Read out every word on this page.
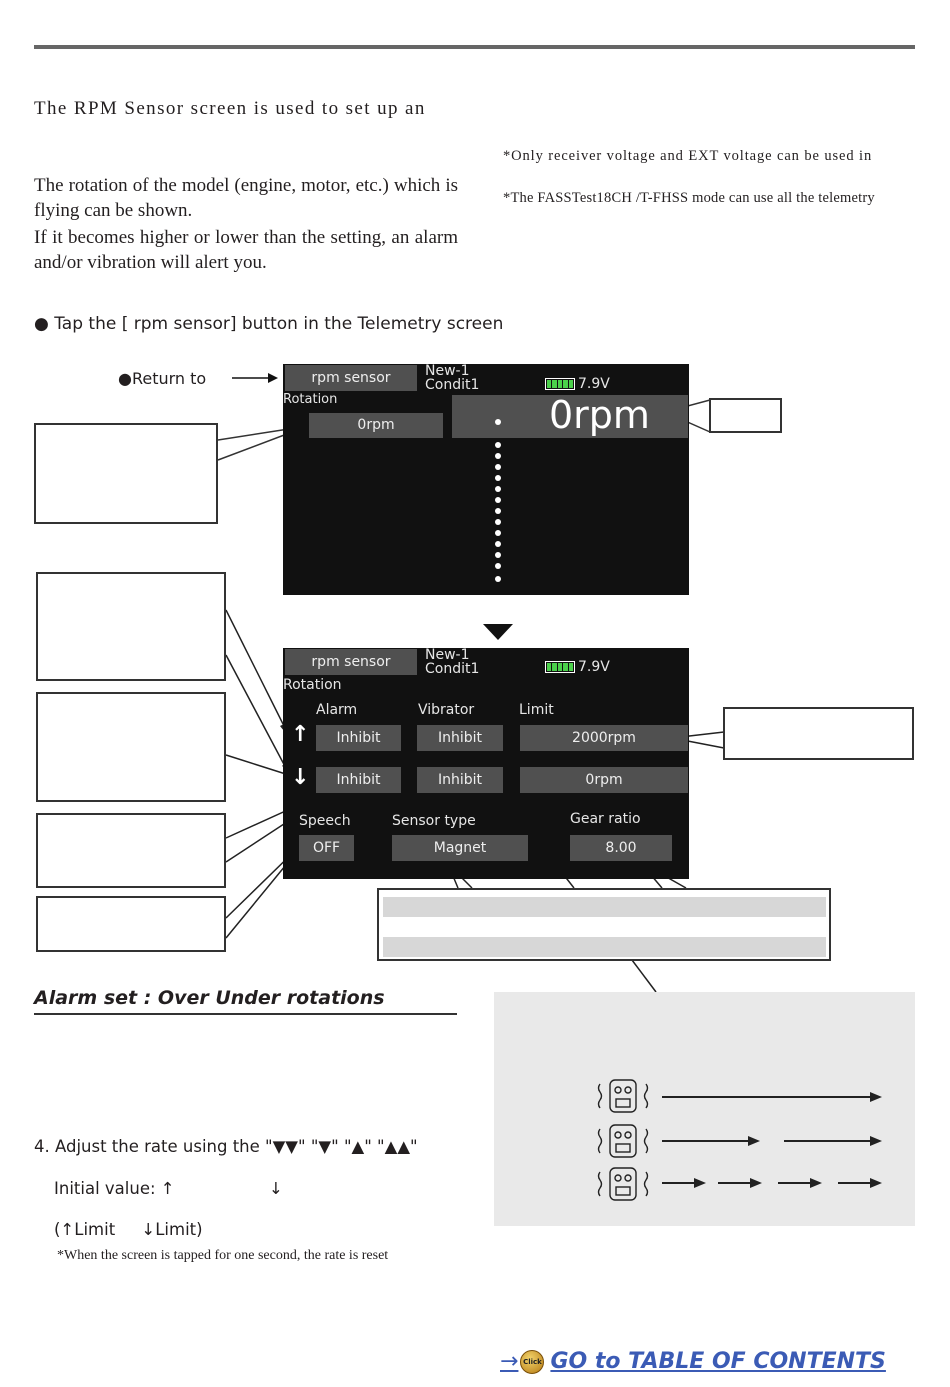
The RPM Sensor screen is used to set up an
The rotation of the model (engine, motor, etc.) which is flying can be shown.
If it becomes higher or lower than the setting, an alarm and/or vibration will alert you.
*Only receiver voltage and EXT voltage can be used in
*The FASSTest18CH /T-FHSS mode can use all the telemetry
● Tap the [ rpm sensor] button in the Telemetry screen
●Return to	rpm sensor	New-1
Condit1	7.9V
Rotation
0rpm	0rpm
rpm sensor	New-1
Condit1	7.9V
Rotation
Alarm	Vibrator	Limit
↑	Inhibit	Inhibit	2000rpm
↓	Inhibit	Inhibit	0rpm
Speech	Sensor type	Gear ratio
OFF	Magnet	8.00
Alarm set : Over Under rotations
4. Adjust the rate using the "▼▼" "▼" "▲" "▲▲"
Initial value: ↑                  ↓
(↑Limit     ↓Limit)
*When the screen is tapped for one second, the rate is reset
→ Click GO to TABLE OF CONTENTS
